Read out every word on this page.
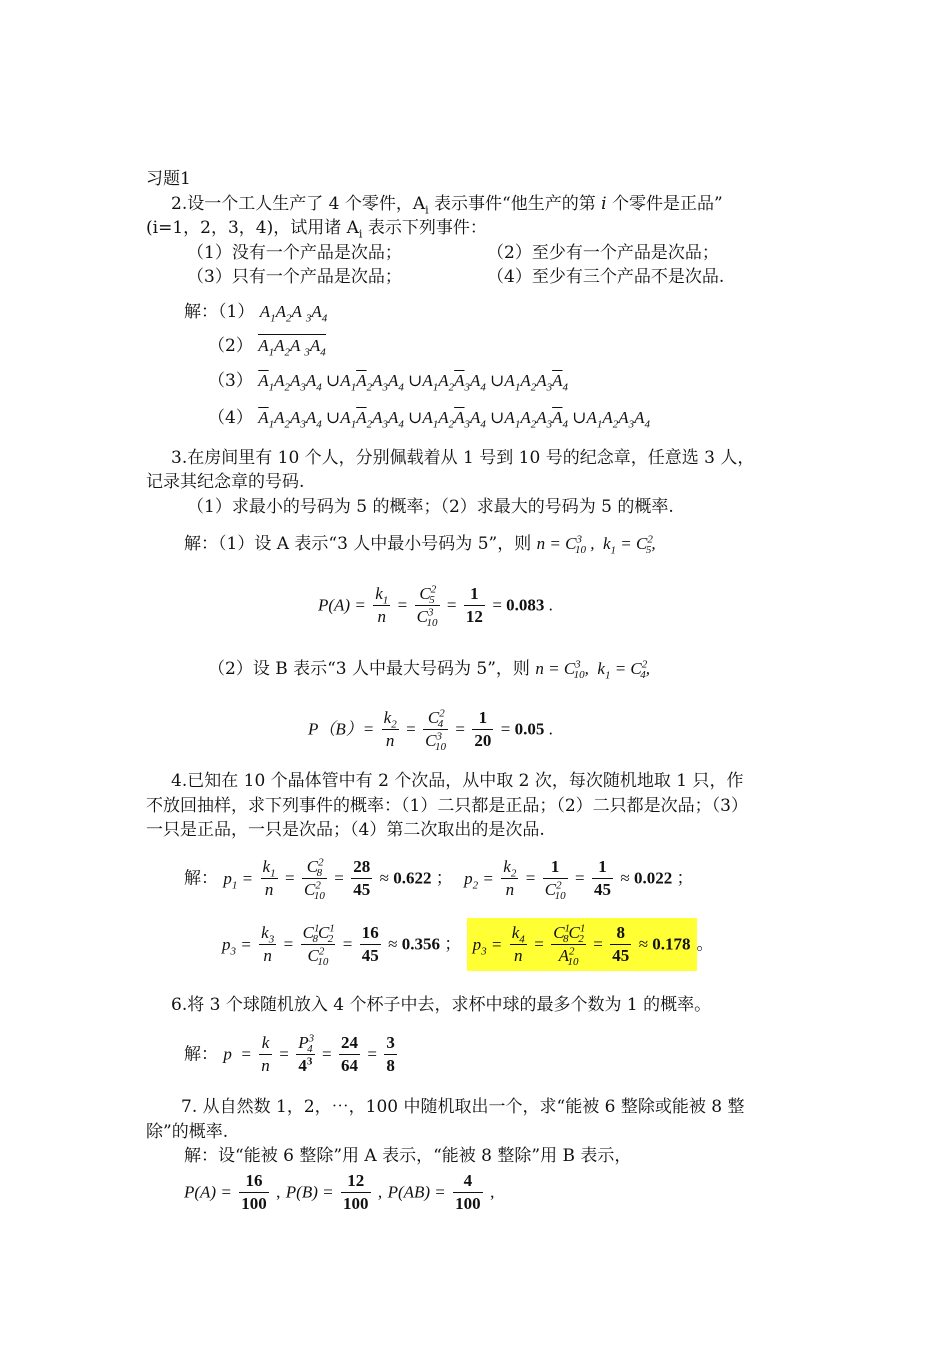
习题1
2.设一个工人生产了 4 个零件，$A_i$ 表示事件“他生产的第 i 个零件是正品”
(i=1，2，3，4)，试用诸 $A_i$ 表示下列事件：
（1）没有一个产品是次品；	（2）至少有一个产品是次品；
（3）只有一个产品是次品；	（4）至少有三个产品不是次品.
解：（1） $A_1A_2A$ $_3A_4$
（2） $A_1A_2A$ $_3A_4$
（3） $\overline{A}_1A_2A_3A_4$ $\cup A_1\overline{A}_2A_3A_4$ $\cup A_1A_2\overline{A}_3A_4$ $\cup A_1A_2A_3\overline{A}_4$
（4） $\overline{A}_1A_2A_3A_4$ $\cup A_1\overline{A}_2A_3A_4$ $\cup A_1A_2\overline{A}_3A_4$ $\cup A_1A_2A_3\overline{A}_4$ $\cup A_1A_2A_3A_4$
3.在房间里有 10 个人，分别佩载着从 1 号到 10 号的纪念章，任意选 3 人，
记录其纪念章的号码.
（1）求最小的号码为 5 的概率；（2）求最大的号码为 5 的概率.
解：（1）设 A 表示“3 人中最小号码为 5”，则 $n = C^3_{10}$ ,  $k_1 = C^2_5$,
$P(A) = \frac{k_1}{n} = \frac{C^2_5}{C^3_{10}} = \frac{1}{12} = 0.083$ .
（2）设 B 表示“3 人中最大号码为 5”，则 $n = C^3_{10}$,  $k_1 = C^2_4$,
$P(B)= \frac{k_2}{n} = \frac{C^2_4}{C^3_{10}} = \frac{1}{20} = 0.05$ .
4.已知在 10 个晶体管中有 2 个次品，从中取 2 次，每次随机地取 1 只，作
不放回抽样，求下列事件的概率：（1）二只都是正品；（2）二只都是次品；（3）
一只是正品，一只是次品；（4）第二次取出的是次品.
解： $p_1 = \frac{k_1}{n} = \frac{C^2_8}{C^2_{10}} = \frac{28}{45} \approx 0.622$ ； $p_2 = \frac{k_2}{n} = \frac{1}{C^2_{10}} = \frac{1}{45} \approx 0.022$ ；
$p_3 = \frac{k_3}{n} = \frac{C^1_8C^1_2}{C^2_{10}} = \frac{16}{45} \approx 0.356$ ； $p_3 = \frac{k_4}{n} = \frac{C^1_8C^1_2}{A^2_{10}} = \frac{8}{45} \approx 0.178$ 。
6.将 3 个球随机放入 4 个杯子中去，求杯中球的最多个数为 1 的概率。
解： $p = \frac{k}{n} = \frac{P^3_4}{4^3} = \frac{24}{64} = \frac{3}{8}$
7. 从自然数 1，2，⋯，100 中随机取出一个，求“能被 6 整除或能被 8 整
除”的概率.
解：设“能被 6 整除”用 A 表示，“能被 8 整除”用 B 表示，
$P(A) = \frac{16}{100}$ , $P(B) = \frac{12}{100}$ , $P(AB) = \frac{4}{100}$ ,
